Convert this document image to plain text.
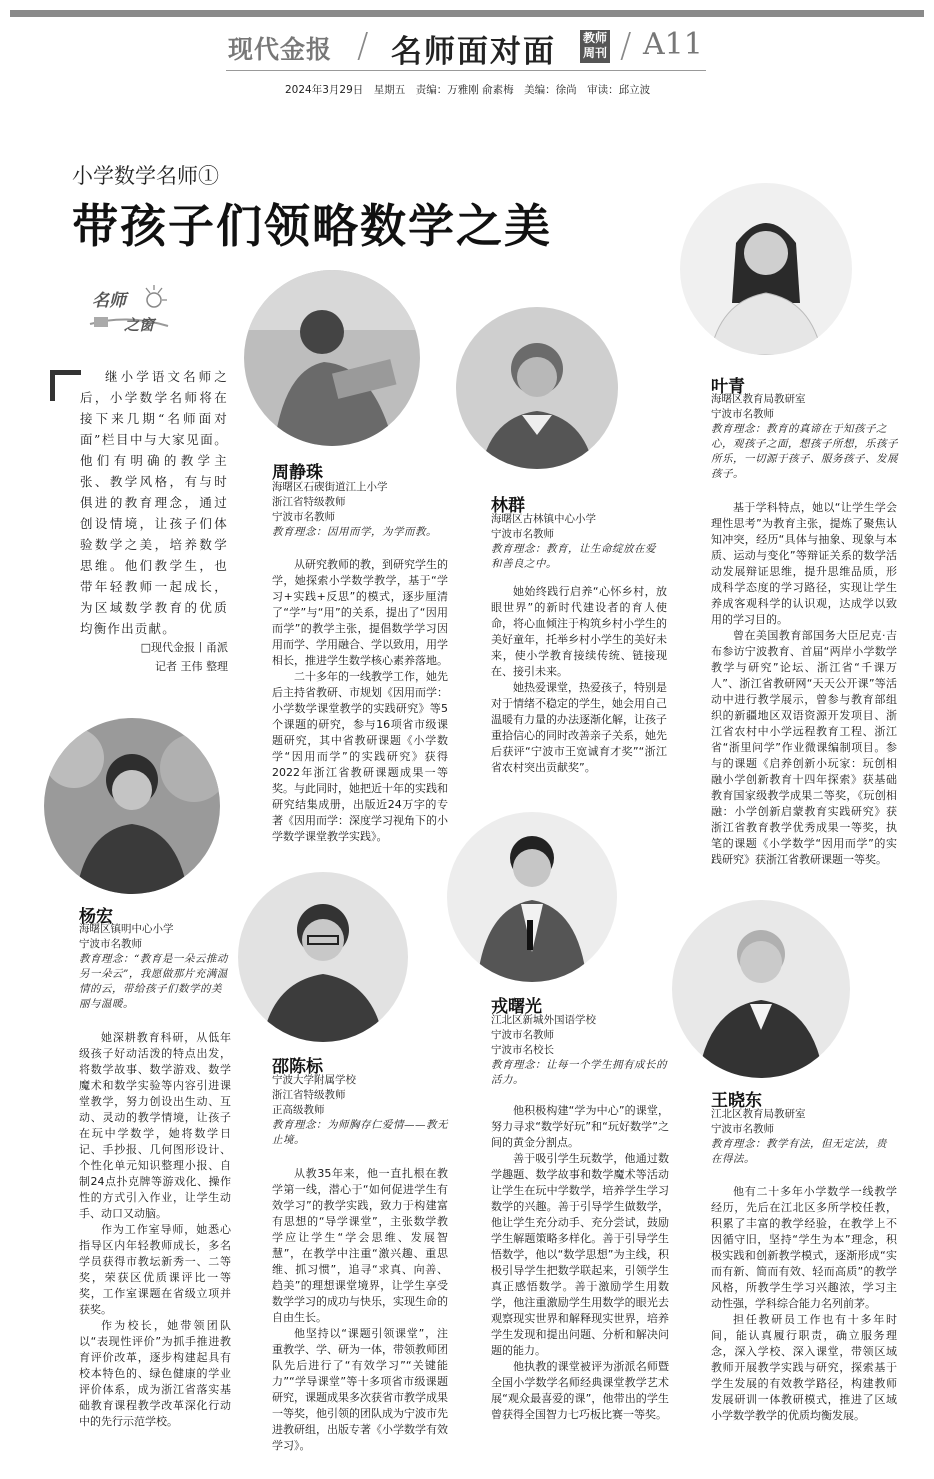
现代金报 / 名师面对面 教师
周刊 / A11
2024年3月29日　星期五　责编：万雅刚 俞素梅　美编：徐尚　审读：邱立波
小学数学名师①
带孩子们领略数学之美
名师
之窗
继小学语文名师之后，小学数学名师将在接下来几期“名师面对面”栏目中与大家见面。他们有明确的教学主张、教学风格，有与时俱进的教育理念，通过创设情境，让孩子们体验数学之美，培养数学思维。他们教学生，也带年轻教师一起成长，为区域数学教育的优质均衡作出贡献。
□现代金报丨甬派
记者 王伟 整理
周静珠
海曙区石碶街道江上小学
浙江省特级教师
宁波市名教师
教育理念：因用而学，为学而教。

从研究教师的教，到研究学生的学，她探索小学数学教学，基于“学习+实践+反思”的模式，逐步厘清了“学”与“用”的关系，提出了“因用而学”的教学主张，提倡数学学习因用而学、学用融合、学以致用，用学相长，推进学生数学核心素养落地。

二十多年的一线教学工作，她先后主持省教研、市规划《因用而学：小学数学课堂教学的实践研究》等5个课题的研究，参与16项省市级课题研究，其中省教研课题《小学数学“因用而学”的实践研究》获得2022年浙江省教研课题成果一等奖。与此同时，她把近十年的实践和研究结集成册，出版近24万字的专著《因用而学：深度学习视角下的小学数学课堂教学实践》。

林群
海曙区古林镇中心小学
宁波市名教师
教育理念：教育，让生命绽放在爱和善良之中。

她始终践行启养“心怀乡村，放眼世界”的新时代建设者的育人使命，将心血倾注于构筑乡村小学生的美好童年，托举乡村小学生的美好未来，使小学教育接续传统、链接现在、接引未来。

她热爱课堂，热爱孩子，特别是对于情绪不稳定的学生，她会用自己温暖有力量的办法逐渐化解，让孩子重拾信心的同时改善亲子关系，她先后获评“宁波市王宽诚育才奖”“浙江省农村突出贡献奖”。

叶青
海曙区教育局教研室
宁波市名教师
教育理念：教育的真谛在于知孩子之心，观孩子之面，想孩子所想，乐孩子所乐，一切源于孩子、服务孩子、发展孩子。

基于学科特点，她以“让学生学会理性思考”为教育主张，提炼了聚焦认知冲突，经历“具体与抽象、现象与本质、运动与变化”等辩证关系的数学活动发展辩证思维，提升思维品质，形成科学态度的学习路径，实现让学生养成客观科学的认识观，达成学以致用的学习目的。

曾在美国教育部国务大臣尼克·吉布参访宁波教育、首届“两岸小学数学教学与研究”论坛、浙江省“千课万人”、浙江省教研网“天天公开课”等活动中进行教学展示，曾参与教育部组织的新疆地区双语资源开发项目、浙江省农村中小学远程教育工程、浙江省“浙里问学”作业微课编制项目。参与的课题《启养创新小玩家：玩创相融小学创新教育十四年探索》获基础教育国家级教学成果二等奖，《玩创相融：小学创新启蒙教育实践研究》获浙江省教育教学优秀成果一等奖，执笔的课题《小学数学“因用而学”的实践研究》获浙江省教研课题一等奖。

杨宏
海曙区镇明中心小学
宁波市名教师
教育理念：“教育是一朵云推动另一朵云”，我愿做那片充满温情的云，带给孩子们数学的美丽与温暖。

她深耕教育科研，从低年级孩子好动活泼的特点出发，将数学故事、数学游戏、数学魔术和数学实验等内容引进课堂教学，努力创设出生动、互动、灵动的教学情境，让孩子在玩中学数学，她将数学日记、手抄报、几何图形设计、个性化单元知识整理小报、自制24点扑克牌等游戏化、操作性的方式引入作业，让学生动手、动口又动脑。

作为工作室导师，她悉心指导区内年轻教师成长，多名学员获得市教坛新秀一、二等奖，荣获区优质课评比一等奖，工作室课题在省级立项并获奖。

作为校长，她带领团队以“表现性评价”为抓手推进教育评价改革，逐步构建起具有校本特色的、绿色健康的学业评价体系，成为浙江省落实基础教育课程教学改革深化行动中的先行示范学校。

邵陈标
宁波大学附属学校
浙江省特级教师
正高级教师
教育理念：为师胸存仁爱情——教无止境。

从教35年来，他一直扎根在教学第一线，潜心于“如何促进学生有效学习”的教学实践，致力于构建富有思想的“导学课堂”，主张数学教学应让学生“学会思维、发展智慧”，在教学中注重“激兴趣、重思维、抓习惯”，追寻“求真、向善、趋美”的理想课堂境界，让学生享受数学学习的成功与快乐，实现生命的自由生长。

他坚持以“课题引领课堂”，注重教学、学、研为一体，带领教师团队先后进行了“有效学习”“关键能力”“学导课堂”等十多项省市级课题研究，课题成果多次获省市教学成果一等奖，他引领的团队成为宁波市先进教研组，出版专著《小学数学有效学习》。

戎曙光
江北区新城外国语学校
宁波市名教师
宁波市名校长
教育理念：让每一个学生拥有成长的活力。

他积极构建“学为中心”的课堂，努力寻求“数学好玩”和“玩好数学”之间的黄金分割点。

善于吸引学生玩数学，他通过数学趣题、数学故事和数学魔术等活动让学生在玩中学数学，培养学生学习数学的兴趣。善于引导学生做数学，他让学生充分动手、充分尝试，鼓励学生解题策略多样化。善于引导学生悟数学，他以“数学思想”为主线，积极引导学生把数学联起来，引领学生真正感悟数学。善于激励学生用数学，他注重激励学生用数学的眼光去观察现实世界和解释现实世界，培养学生发现和提出问题、分析和解决问题的能力。

他执教的课堂被评为浙派名师暨全国小学数学名师经典课堂教学艺术展“观众最喜爱的课”，他带出的学生曾获得全国智力七巧板比赛一等奖。

王晓东
江北区教育局教研室
宁波市名教师
教育理念：教学有法，但无定法，贵在得法。

他有二十多年小学数学一线教学经历，先后在江北区多所学校任教，积累了丰富的教学经验，在教学上不因循守旧，坚持“学生为本”理念，积极实践和创新教学模式，逐渐形成“实而有新、简而有效、轻而高质”的教学风格，所教学生学习兴趣浓，学习主动性强，学科综合能力名列前茅。

担任教研员工作也有十多年时间，能认真履行职责，确立服务理念，深入学校、深入课堂，带领区域教师开展教学实践与研究，探索基于学生发展的有效教学路径，构建教师发展研训一体教研模式，推进了区域小学数学教学的优质均衡发展。
